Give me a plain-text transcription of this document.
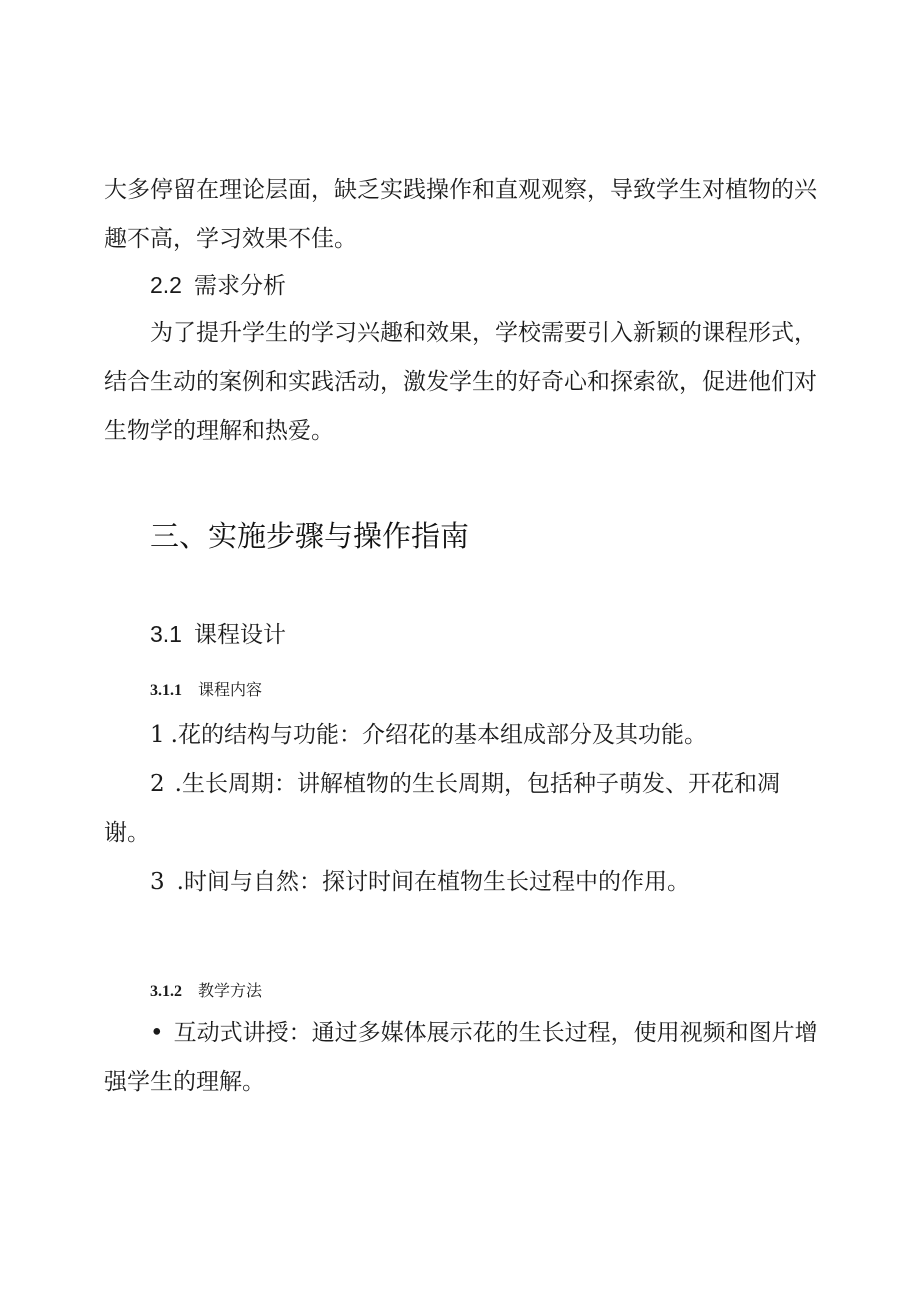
大多停留在理论层面，缺乏实践操作和直观观察，导致学生对植物的兴
趣不高，学习效果不佳。
2.2 需求分析
为了提升学生的学习兴趣和效果，学校需要引入新颖的课程形式，
结合生动的案例和实践活动，激发学生的好奇心和探索欲，促进他们对
生物学的理解和热爱。
三、实施步骤与操作指南
3.1 课程设计
3.1.1 课程内容
1 .花的结构与功能：介绍花的基本组成部分及其功能。
2 .生长周期：讲解植物的生长周期，包括种子萌发、开花和凋
谢。
3 .时间与自然：探讨时间在植物生长过程中的作用。
3.1.2 教学方法
• 互动式讲授：通过多媒体展示花的生长过程，使用视频和图片增
强学生的理解。
